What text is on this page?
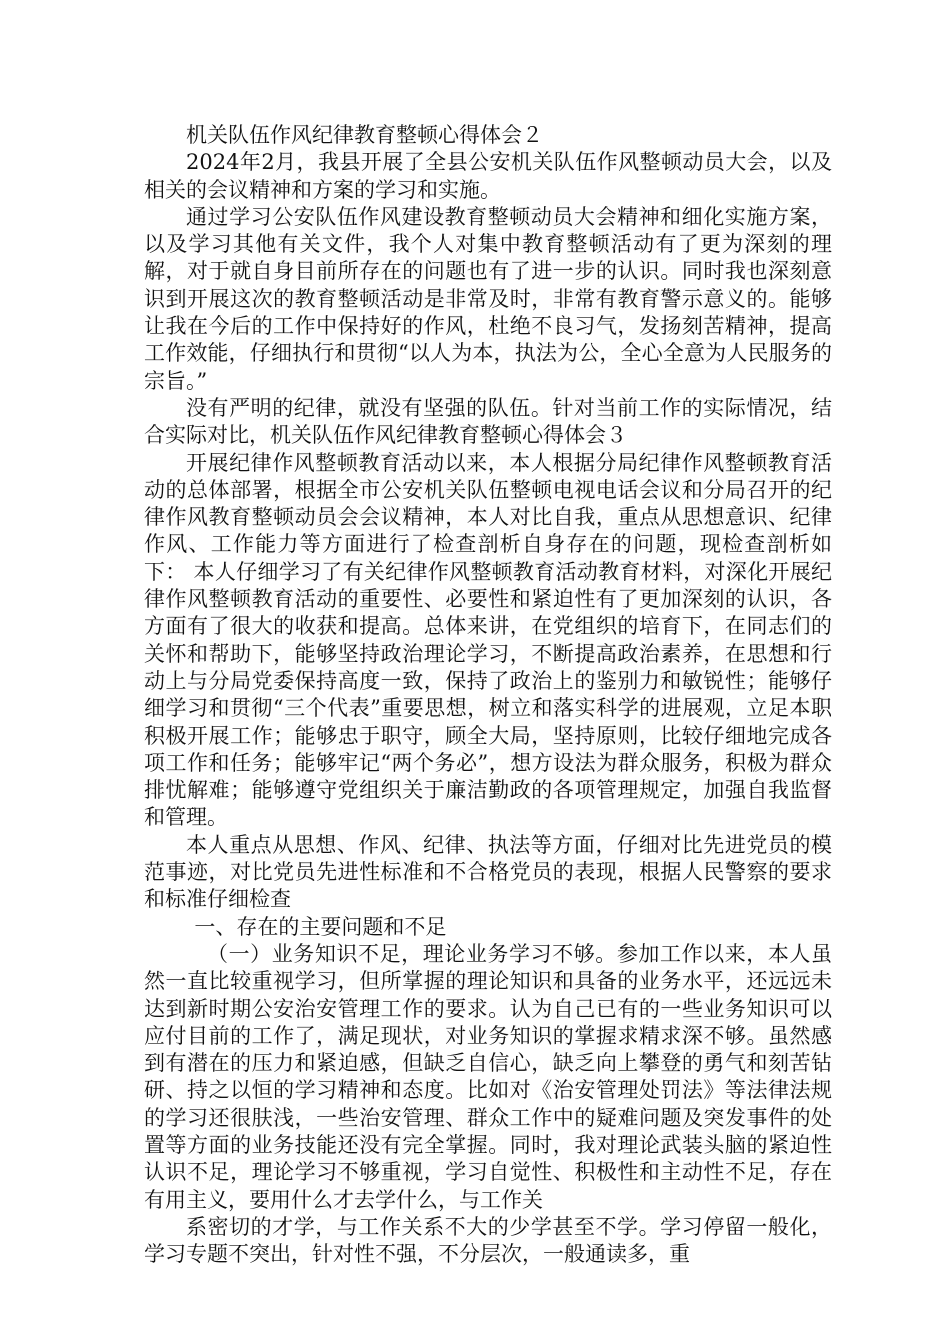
机关队伍作风纪律教育整顿心得体会２

2024年2月，我县开展了全县公安机关队伍作风整顿动员大会，以及相关的会议精神和方案的学习和实施。

通过学习公安队伍作风建设教育整顿动员大会精神和细化实施方案，以及学习其他有关文件，我个人对集中教育整顿活动有了更为深刻的理解，对于就自身目前所存在的问题也有了进一步的认识。同时我也深刻意识到开展这次的教育整顿活动是非常及时，非常有教育警示意义的。能够让我在今后的工作中保持好的作风，杜绝不良习气，发扬刻苦精神，提高工作效能，仔细执行和贯彻“以人为本，执法为公，全心全意为人民服务的宗旨。”

没有严明的纪律，就没有坚强的队伍。针对当前工作的实际情况，结合实际对比，机关队伍作风纪律教育整顿心得体会３

开展纪律作风整顿教育活动以来，本人根据分局纪律作风整顿教育活动的总体部署，根据全市公安机关队伍整顿电视电话会议和分局召开的纪律作风教育整顿动员会会议精神，本人对比自我，重点从思想意识、纪律作风、工作能力等方面进行了检查剖析自身存在的问题，现检查剖析如下： 本人仔细学习了有关纪律作风整顿教育活动教育材料，对深化开展纪律作风整顿教育活动的重要性、必要性和紧迫性有了更加深刻的认识，各方面有了很大的收获和提高。总体来讲，在党组织的培育下，在同志们的关怀和帮助下，能够坚持政治理论学习，不断提高政治素养，在思想和行动上与分局党委保持高度一致，保持了政治上的鉴别力和敏锐性；能够仔细学习和贯彻“三个代表”重要思想，树立和落实科学的进展观，立足本职积极开展工作；能够忠于职守，顾全大局，坚持原则，比较仔细地完成各项工作和任务；能够牢记“两个务必”，想方设法为群众服务，积极为群众排忧解难；能够遵守党组织关于廉洁勤政的各项管理规定，加强自我监督和管理。

本人重点从思想、作风、纪律、执法等方面，仔细对比先进党员的模范事迹，对比党员先进性标准和不合格党员的表现，根据人民警察的要求和标准仔细检查

一、存在的主要问题和不足

（一）业务知识不足，理论业务学习不够。参加工作以来，本人虽然一直比较重视学习，但所掌握的理论知识和具备的业务水平，还远远未达到新时期公安治安管理工作的要求。认为自己已有的一些业务知识可以应付目前的工作了，满足现状，对业务知识的掌握求精求深不够。虽然感到有潜在的压力和紧迫感，但缺乏自信心，缺乏向上攀登的勇气和刻苦钻研、持之以恒的学习精神和态度。比如对《治安管理处罚法》等法律法规的学习还很肤浅，一些治安管理、群众工作中的疑难问题及突发事件的处置等方面的业务技能还没有完全掌握。同时，我对理论武装头脑的紧迫性认识不足，理论学习不够重视，学习自觉性、积极性和主动性不足，存在有用主义，要用什么才去学什么，与工作关

系密切的才学，与工作关系不大的少学甚至不学。学习停留一般化，学习专题不突出，针对性不强，不分层次，一般通读多，重
